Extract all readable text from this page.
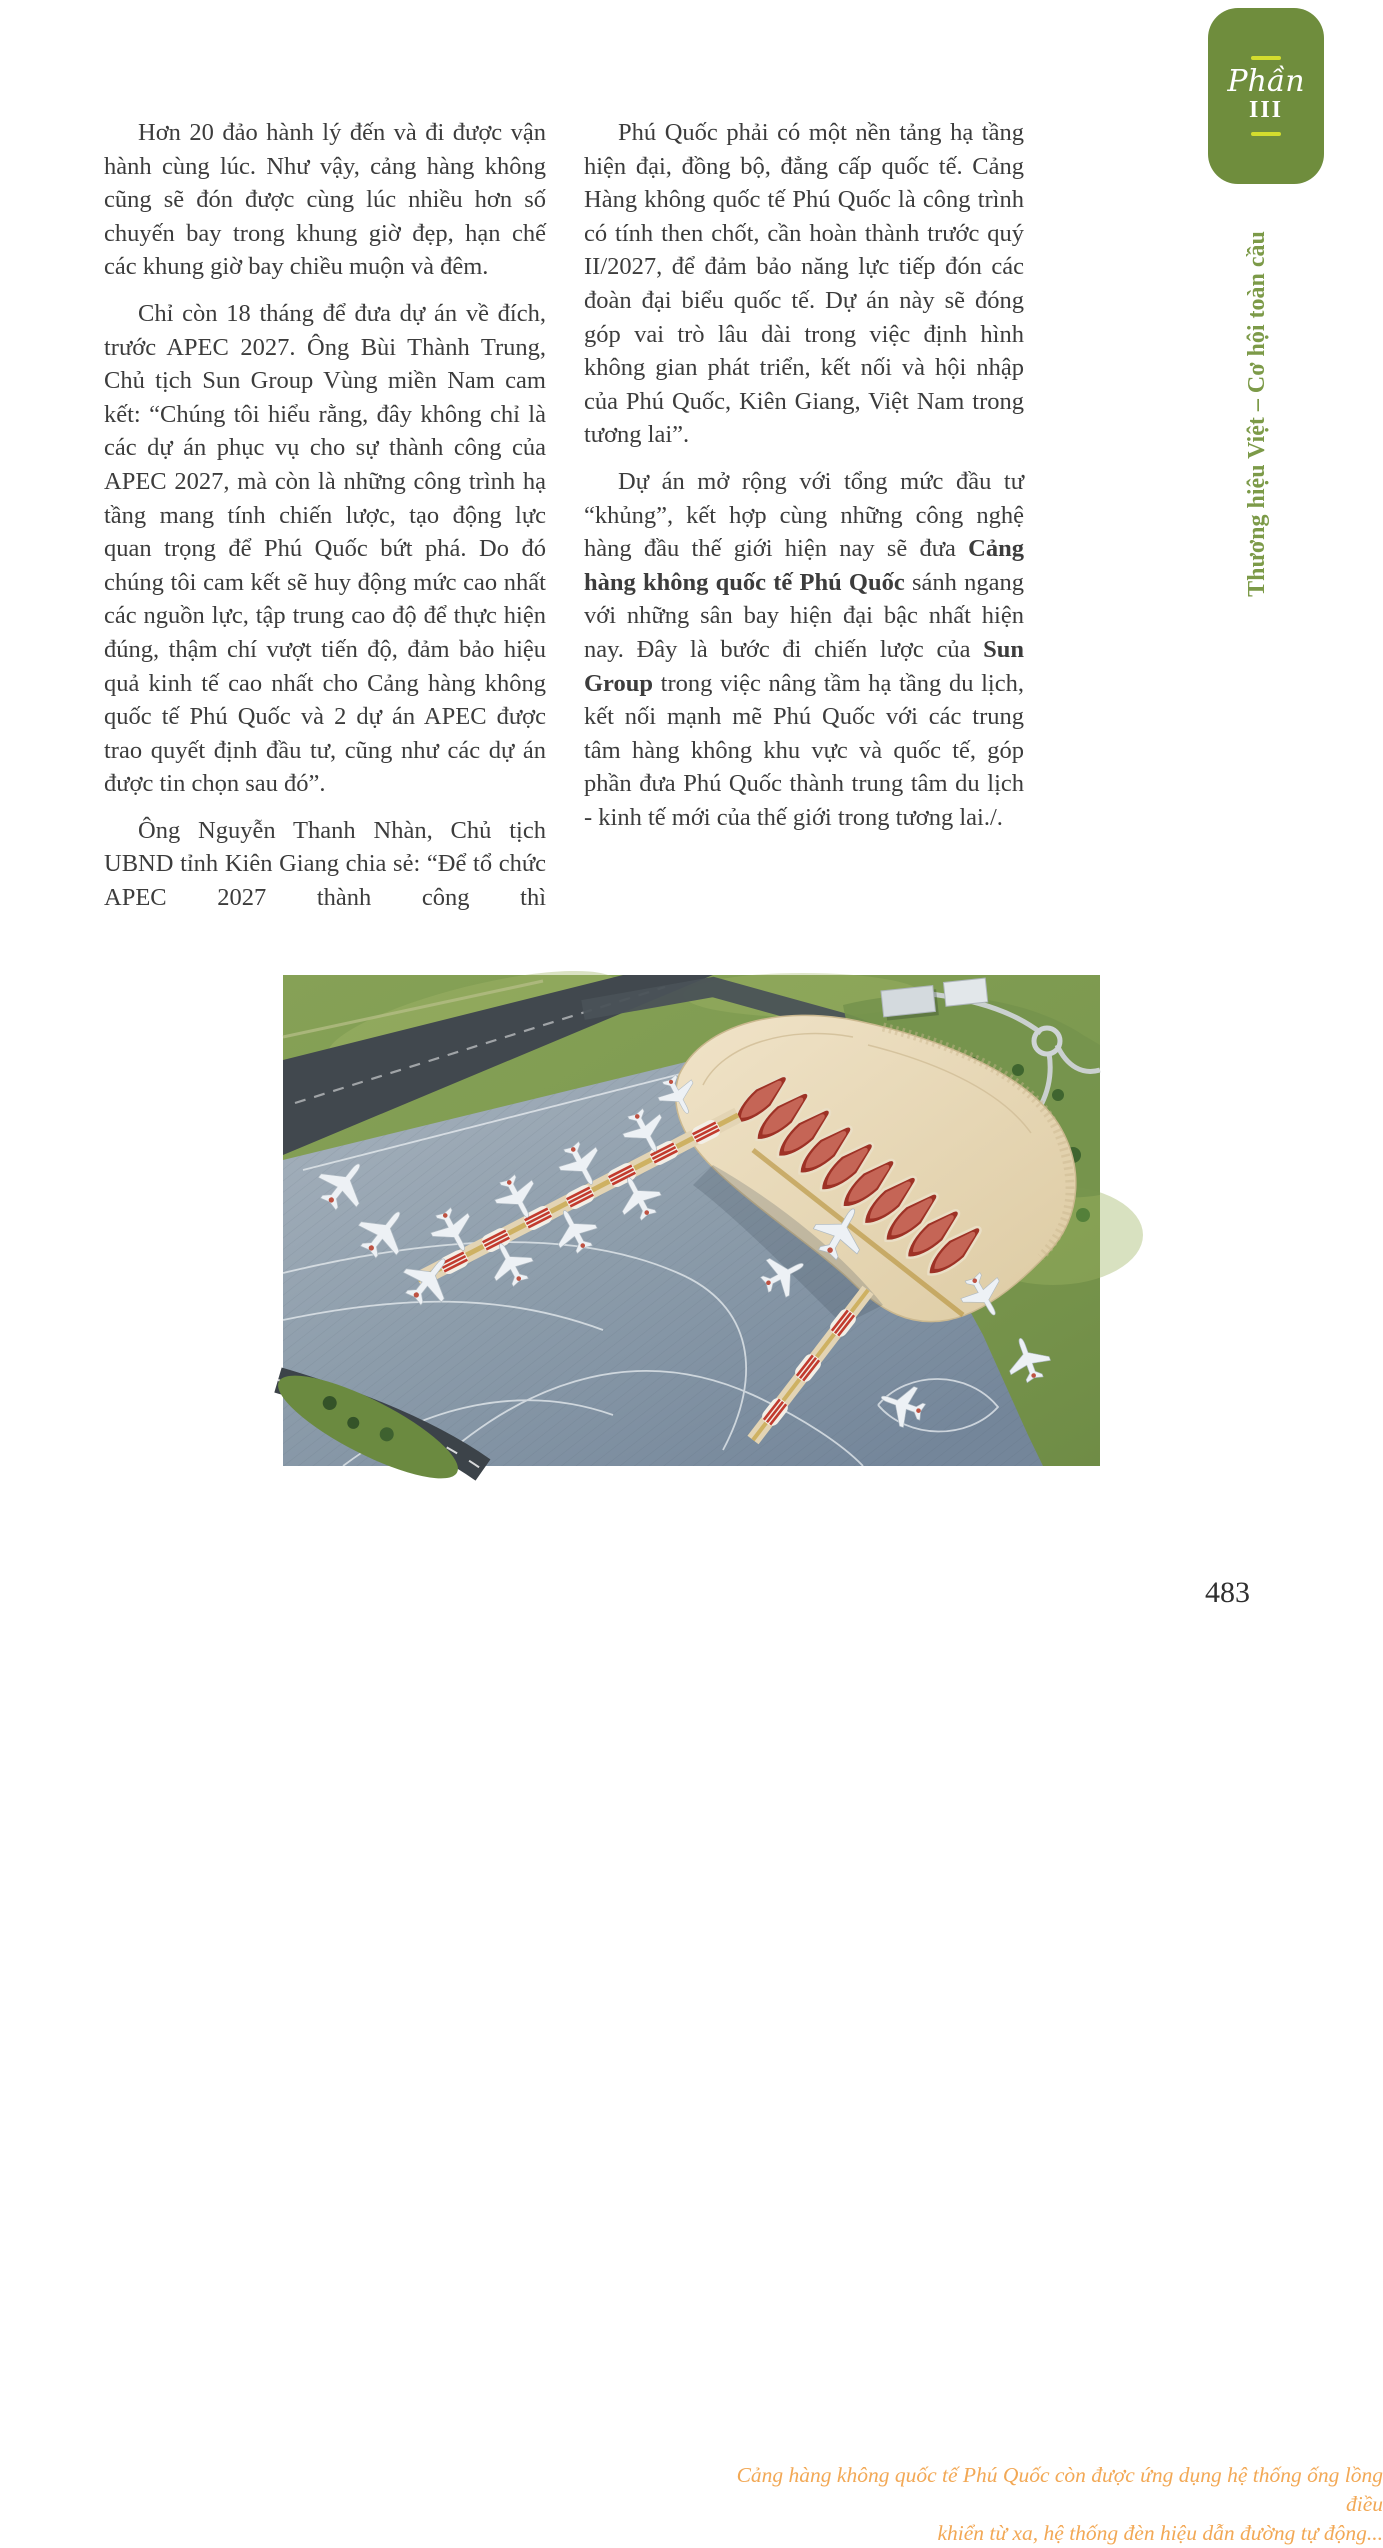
Hơn 20 đảo hành lý đến và đi được vận hành cùng lúc. Như vậy, cảng hàng không cũng sẽ đón được cùng lúc nhiều hơn số chuyến bay trong khung giờ đẹp, hạn chế các khung giờ bay chiều muộn và đêm.

Chỉ còn 18 tháng để đưa dự án về đích, trước APEC 2027. Ông Bùi Thành Trung, Chủ tịch Sun Group Vùng miền Nam cam kết: “Chúng tôi hiểu rằng, đây không chỉ là các dự án phục vụ cho sự thành công của APEC 2027, mà còn là những công trình hạ tầng mang tính chiến lược, tạo động lực quan trọng để Phú Quốc bứt phá. Do đó chúng tôi cam kết sẽ huy động mức cao nhất các nguồn lực, tập trung cao độ để thực hiện đúng, thậm chí vượt tiến độ, đảm bảo hiệu quả kinh tế cao nhất cho Cảng hàng không quốc tế Phú Quốc và 2 dự án APEC được trao quyết định đầu tư, cũng như các dự án được tin chọn sau đó”.

Ông Nguyễn Thanh Nhàn, Chủ tịch UBND tỉnh Kiên Giang chia sẻ: “Để tổ chức APEC 2027 thành công thì

Phú Quốc phải có một nền tảng hạ tầng hiện đại, đồng bộ, đẳng cấp quốc tế. Cảng Hàng không quốc tế Phú Quốc là công trình có tính then chốt, cần hoàn thành trước quý II/2027, để đảm bảo năng lực tiếp đón các đoàn đại biểu quốc tế. Dự án này sẽ đóng góp vai trò lâu dài trong việc định hình không gian phát triển, kết nối và hội nhập của Phú Quốc, Kiên Giang, Việt Nam trong tương lai”.

Dự án mở rộng với tổng mức đầu tư “khủng”, kết hợp cùng những công nghệ hàng đầu thế giới hiện nay sẽ đưa Cảng hàng không quốc tế Phú Quốc sánh ngang với những sân bay hiện đại bậc nhất hiện nay. Đây là bước đi chiến lược của Sun Group trong việc nâng tầm hạ tầng du lịch, kết nối mạnh mẽ Phú Quốc với các trung tâm hàng không khu vực và quốc tế, góp phần đưa Phú Quốc thành trung tâm du lịch - kinh tế mới của thế giới trong tương lai./.

Phần
III
Thương hiệu Việt – Cơ hội toàn cầu
Cảng hàng không quốc tế Phú Quốc còn được ứng dụng hệ thống ống lồng điều
khiển từ xa, hệ thống đèn hiệu dẫn đường tự động...
483
